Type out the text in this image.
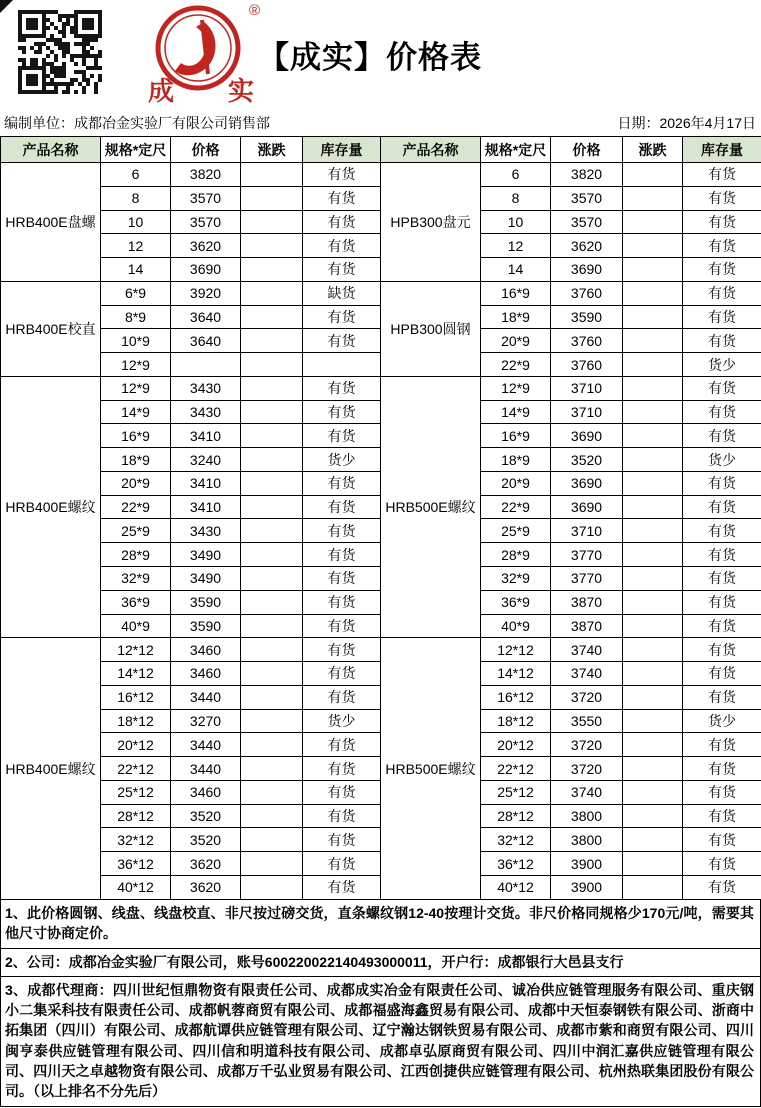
成 实
®
【成实】价格表
编制单位：成都冶金实验厂有限公司销售部	日期：2026年4月17日
产品名称	规格*定尺	价格	涨跌	库存量	产品名称	规格*定尺	价格	涨跌	库存量
HRB400E盘螺	6	3820		有货	HPB300盘元	6	3820		有货
	8	3570		有货		8	3570		有货
	10	3570		有货		10	3570		有货
	12	3620		有货		12	3620		有货
	14	3690		有货		14	3690		有货
HRB400E校直	6*9	3920		缺货	HPB300圆钢	16*9	3760		有货
	8*9	3640		有货		18*9	3590		有货
	10*9	3640		有货		20*9	3760		有货
	12*9					22*9	3760		货少
HRB400E螺纹	12*9	3430		有货	HRB500E螺纹	12*9	3710		有货
	14*9	3430		有货		14*9	3710		有货
	16*9	3410		有货		16*9	3690		有货
	18*9	3240		货少		18*9	3520		货少
	20*9	3410		有货		20*9	3690		有货
	22*9	3410		有货		22*9	3690		有货
	25*9	3430		有货		25*9	3710		有货
	28*9	3490		有货		28*9	3770		有货
	32*9	3490		有货		32*9	3770		有货
	36*9	3590		有货		36*9	3870		有货
	40*9	3590		有货		40*9	3870		有货
HRB400E螺纹	12*12	3460		有货	HRB500E螺纹	12*12	3740		有货
	14*12	3460		有货		14*12	3740		有货
	16*12	3440		有货		16*12	3720		有货
	18*12	3270		货少		18*12	3550		货少
	20*12	3440		有货		20*12	3720		有货
	22*12	3440		有货		22*12	3720		有货
	25*12	3460		有货		25*12	3740		有货
	28*12	3520		有货		28*12	3800		有货
	32*12	3520		有货		32*12	3800		有货
	36*12	3620		有货		36*12	3900		有货
	40*12	3620		有货		40*12	3900		有货
1、此价格圆钢、线盘、线盘校直、非尺按过磅交货，直条螺纹钢12-40按理计交货。非尺价格同规格少170元/吨，需要其他尺寸协商定价。
2、公司：成都冶金实验厂有限公司，账号600220022140493000011，开户行：成都银行大邑县支行
3、成都代理商：四川世纪恒鼎物资有限责任公司、成都成实冶金有限责任公司、诚冶供应链管理服务有限公司、重庆钢小二集采科技有限责任公司、成都帆蓉商贸有限公司、成都福盛海鑫贸易有限公司、成都中天恒泰钢铁有限公司、浙商中拓集团（四川）有限公司、成都航谭供应链管理有限公司、辽宁瀚达钢铁贸易有限公司、成都市紫和商贸有限公司、四川闽亨泰供应链管理有限公司、四川信和明道科技有限公司、成都卓弘原商贸有限公司、四川中润汇嘉供应链管理有限公司、四川天之卓越物资有限公司、成都万千弘业贸易有限公司、江西创捷供应链管理有限公司、杭州热联集团股份有限公司。（以上排名不分先后）
